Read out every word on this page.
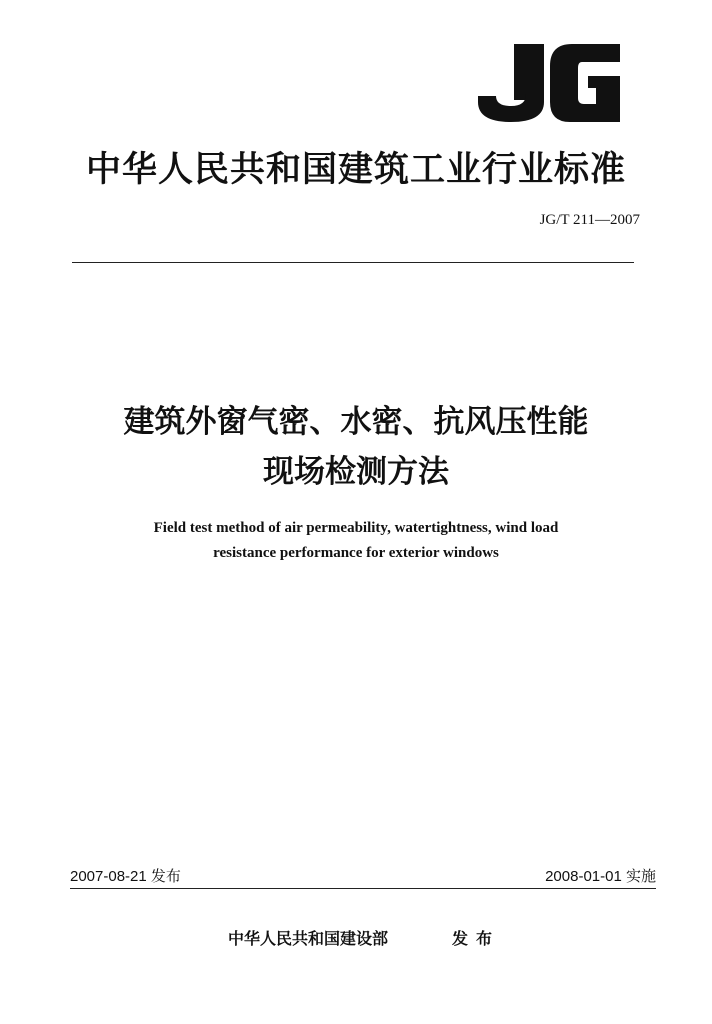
中华人民共和国建筑工业行业标准
JG/T 211—2007
建筑外窗气密、水密、抗风压性能
现场检测方法
Field test method of air permeability, watertightness, wind load
resistance performance for exterior windows
2007-08-21 发布	2008-01-01 实施
中华人民共和国建设部	发布
